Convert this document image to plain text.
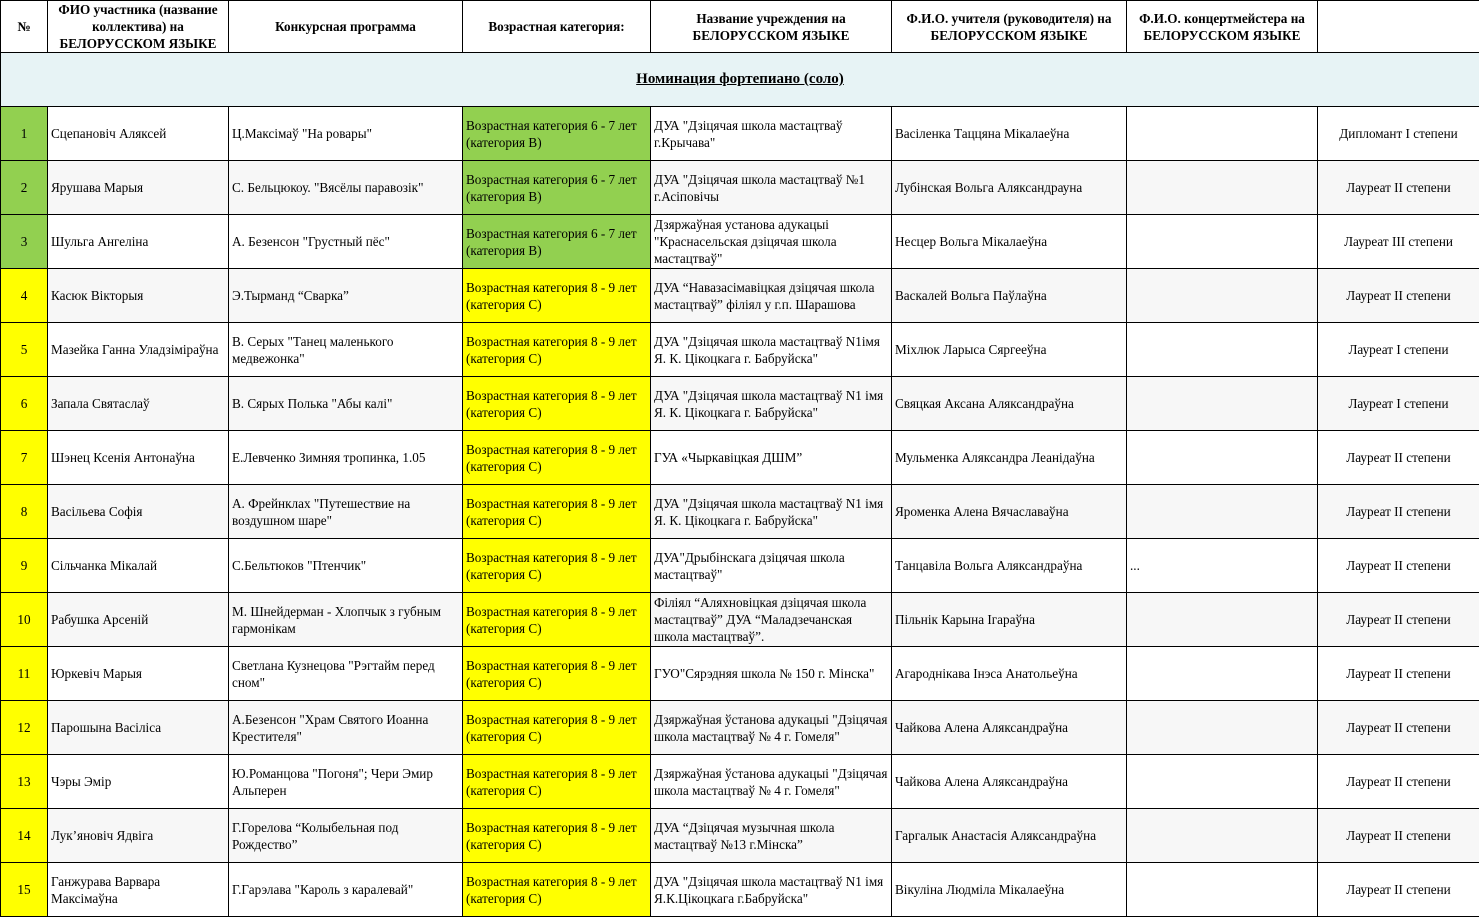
№	ФИО участника (название коллектива) на БЕЛОРУССКОМ ЯЗЫКЕ	Конкурсная программа	Возрастная категория:	Название учреждения на БЕЛОРУССКОМ ЯЗЫКЕ	Ф.И.О. учителя (руководителя) на БЕЛОРУССКОМ ЯЗЫКЕ	Ф.И.О. концертмейстера на БЕЛОРУССКОМ ЯЗЫКЕ	
Номинация фортепиано (соло)							
1	Сцепановіч Аляксей	Ц.Максімаў "На ровары"	Возрастная категория 6 - 7 лет (категория В)	ДУА "Дзіцячая школа мастацтваў г.Крычава"	Васіленка Таццяна Мікалаеўна		Дипломант I степени
2	Ярушава Марыя	С. Бельцюкоу. "Вясёлы паравозік"	Возрастная категория 6 - 7 лет (категория В)	ДУА "Дзіцячая школа мастацтваў №1 г.Асіповічы	Лубінская Вольга Аляксандрауна		Лауреат II степени
3	Шульга Ангеліна	А. Безенсон "Грустный пёс"	Возрастная категория 6 - 7 лет (категория В)	Дзяржаўная установа адукацыі "Краснасельская дзіцячая школа мастацтваў"	Несцер Вольга Мікалаеўна		Лауреат III степени
4	Касюк Вікторыя	Э.Тырманд “Сварка”	Возрастная категория 8 - 9 лет (категория С)	ДУА “Навазасімавіцкая дзіцячая школа мастацтваў” філіял у г.п. Шарашова	Васкалей Вольга Паўлаўна		Лауреат II степени
5	Мазейка Ганна Уладзіміраўна	В. Серых "Танец маленького медвежонка"	Возрастная категория 8 - 9 лет (категория С)	ДУА "Дзіцячая школа мастацтваў N1імя Я. К. Цікоцкага г. Бабруйска"	Міхлюк Ларыса Сяргееўна		Лауреат I степени
6	Запала Святаслаў	В. Сярых Полька "Абы калі"	Возрастная категория 8 - 9 лет (категория С)	ДУА "Дзіцячая школа мастацтваў N1 імя Я. К. Цікоцкага г. Бабруйска"	Свяцкая Аксана Аляксандраўна		Лауреат I степени
7	Шэнец Ксенія Антонаўна	Е.Левченко Зимняя тропинка, 1.05	Возрастная категория 8 - 9 лет (категория С)	ГУА «Чыркавіцкая ДШМ”	Мульменка Аляксандра Леанідаўна		Лауреат II степени
8	Васільева Софія	А. Фрейнклах "Путешествие на воздушном шаре"	Возрастная категория 8 - 9 лет (категория С)	ДУА "Дзіцячая школа мастацтваў N1 імя Я. К. Цікоцкага г. Бабруйска"	Яроменка Алена Вячаславаўна		Лауреат II степени
9	Сільчанка Мікалай	С.Бельтюков "Птенчик"	Возрастная категория 8 - 9 лет (категория С)	ДУА"Дрыбінскага дзіцячая школа мастацтваў"	Танцавіла Вольга Аляксандраўна	...	Лауреат II степени
10	Рабушка Арсеній	М. Шнейдерман - Хлопчык з губным гармонікам	Возрастная категория 8 - 9 лет (категория С)	Філіял “Аляхновіцкая дзіцячая школа мастацтваў” ДУА “Маладзечанская школа мастацтваў”.	Пільнік Карына Ігараўна		Лауреат II степени
11	Юркевіч Марыя	Светлана Кузнецова "Рэгтайм перед сном"	Возрастная категория 8 - 9 лет (категория С)	ГУО"Сярэдняя школа № 150 г. Мінска"	Агароднікава Інэса Анатольеўна		Лауреат II степени
12	Парошына Васіліса	А.Безенсон "Храм Святого Иоанна Крестителя"	Возрастная категория 8 - 9 лет (категория С)	Дзяржаўная ўстанова адукацыі "Дзіцячая школа мастацтваў № 4 г. Гомеля"	Чайкова Алена Аляксандраўна		Лауреат II степени
13	Чэры Эмір	Ю.Романцова "Погоня"; Чери Эмир Альперен	Возрастная категория 8 - 9 лет (категория С)	Дзяржаўная ўстанова адукацыі "Дзіцячая школа мастацтваў № 4 г. Гомеля"	Чайкова Алена Аляксандраўна		Лауреат II степени
14	Лук’яновіч Ядвіга	Г.Горелова “Колыбельная под Рождество”	Возрастная категория 8 - 9 лет (категория С)	ДУА “Дзіцячая музычная школа мастацтваў №13 г.Мінска”	Гаргалык Анастасія Аляксандраўна		Лауреат II степени
15	Ганжурава Варвара Максімаўна	Г.Гарэлава "Кароль з каралевай"	Возрастная категория 8 - 9 лет (категория С)	ДУА "Дзіцячая школа мастацтваў N1 імя Я.К.Цікоцкага г.Бабруйска"	Вікуліна Людміла Мікалаеўна		Лауреат II степени
